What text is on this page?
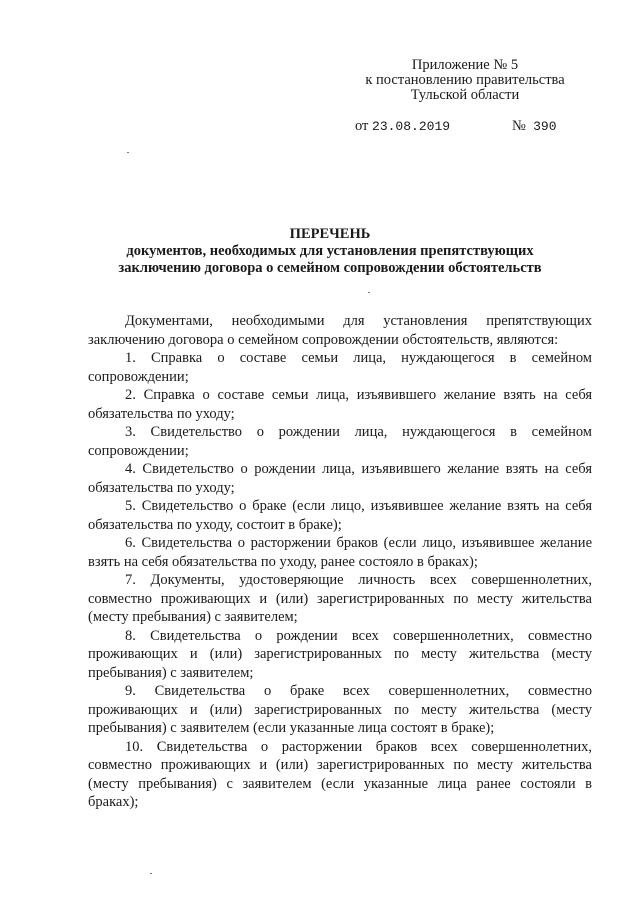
Приложение № 5
к постановлению правительства
Тульской области
от 23.08.2019	№ 390
ПЕРЕЧЕНЬ
документов, необходимых для установления препятствующих
заключению договора о семейном сопровождении обстоятельств

Документами, необходимыми для установления препятствующих заключению договора о семейном сопровождении обстоятельств, являются:

1. Справка о составе семьи лица, нуждающегося в семейном сопровождении;

2. Справка о составе семьи лица, изъявившего желание взять на себя обязательства по уходу;

3. Свидетельство о рождении лица, нуждающегося в семейном сопровождении;

4. Свидетельство о рождении лица, изъявившего желание взять на себя обязательства по уходу;

5. Свидетельство о браке (если лицо, изъявившее желание взять на себя обязательства по уходу, состоит в браке);

6. Свидетельства о расторжении браков (если лицо, изъявившее желание взять на себя обязательства по уходу, ранее состояло в браках);

7. Документы, удостоверяющие личность всех совершеннолетних, совместно проживающих и (или) зарегистрированных по месту жительства (месту пребывания) с заявителем;

8. Свидетельства о рождении всех совершеннолетних, совместно проживающих и (или) зарегистрированных по месту жительства (месту пребывания) с заявителем;

9. Свидетельства о браке всех совершеннолетних, совместно проживающих и (или) зарегистрированных по месту жительства (месту пребывания) с заявителем (если указанные лица состоят в браке);

10. Свидетельства о расторжении браков всех совершеннолетних, совместно проживающих и (или) зарегистрированных по месту жительства (месту пребывания) с заявителем (если указанные лица ранее состояли в браках);
